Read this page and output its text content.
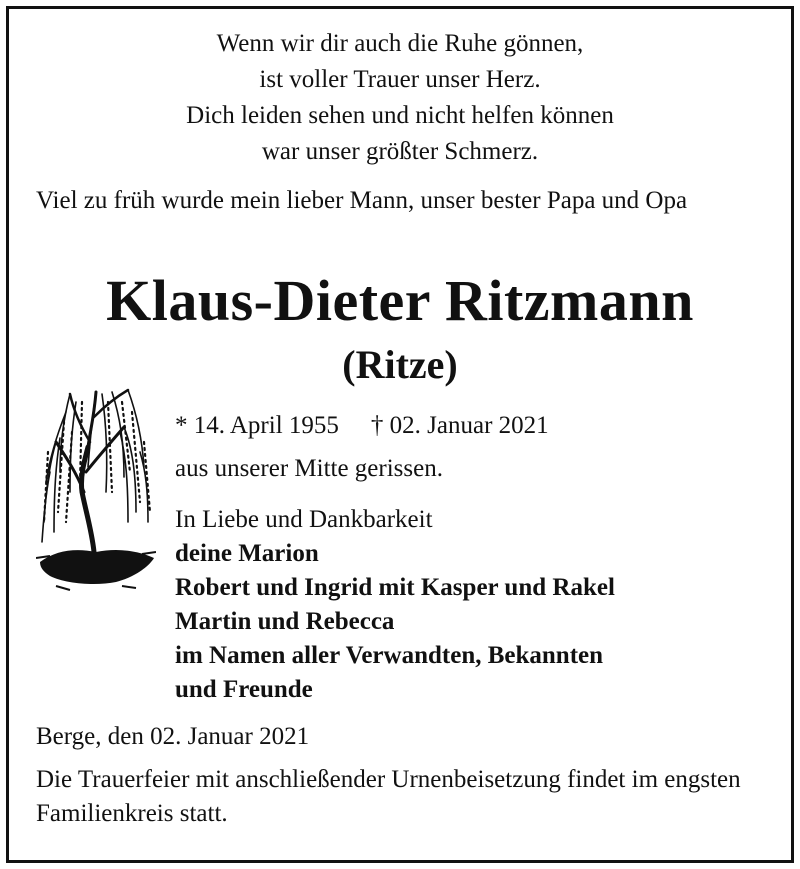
Wenn wir dir auch die Ruhe gönnen,
ist voller Trauer unser Herz.
Dich leiden sehen und nicht helfen können
war unser größter Schmerz.
Viel zu früh wurde mein lieber Mann, unser bester Papa und Opa
Klaus-Dieter Ritzmann
(Ritze)
* 14. April 1955 † 02. Januar 2021
aus unserer Mitte gerissen.
In Liebe und Dankbarkeit
deine Marion
Robert und Ingrid mit Kasper und Rakel
Martin und Rebecca
im Namen aller Verwandten, Bekannten
und Freunde
Berge, den 02. Januar 2021
Die Trauerfeier mit anschließender Urnenbeisetzung findet im engsten Familienkreis statt.
